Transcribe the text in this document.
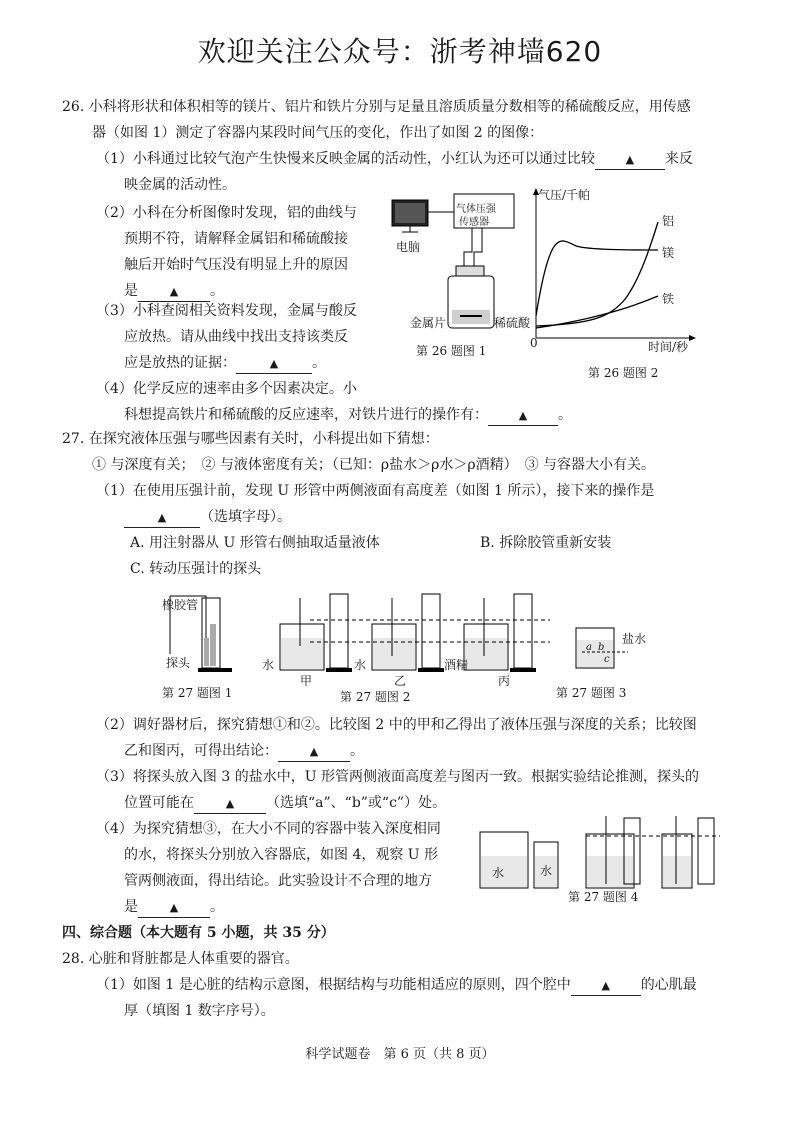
欢迎关注公众号：浙考神墙620
26. 小科将形状和体积相等的镁片、铝片和铁片分别与足量且溶质质量分数相等的稀硫酸反应，用传感
器（如图 1）测定了容器内某段时间气压的变化，作出了如图 2 的图像：
（1）小科通过比较气泡产生快慢来反映金属的活动性，小红认为还可以通过比较	▲ 来反
映金属的活动性。
（2）小科在分析图像时发现，铝的曲线与
预期不符，请解释金属铝和稀硫酸接
触后开始时气压没有明显上升的原因
是	▲ 。
（3）小科查阅相关资料发现，金属与酸反
应放热。请从曲线中找出支持该类反
应是放热的证据：	▲ 。
（4）化学反应的速率由多个因素决定。小
科想提高铁片和稀硫酸的反应速率，对铁片进行的操作有：	▲ 。
电脑
气体压强
传感器
金属片	稀硫酸
第 26 题图 1
气压/千帕
0	时间/秒
铝
镁
铁
第 26 题图 2
27. 在探究液体压强与哪些因素有关时，小科提出如下猜想：
① 与深度有关；　 ② 与液体密度有关；（已知：ρ盐水＞ρ水＞ρ酒精）　 ③ 与容器大小有关。
（1）在使用压强计前，发现 U 形管中两侧液面有高度差（如图 1 所示），接下来的操作是
▲ （选填字母）。
A. 用注射器从 U 形管右侧抽取适量液体	B. 拆除胶管重新安装
C. 转动压强计的探头
橡胶管
探头	水	水	酒精
盐水
a b
c
甲	乙	丙
第 27 题图 1	第 27 题图 2	第 27 题图 3
（2）调好器材后，探究猜想①和②。比较图 2 中的甲和乙得出了液体压强与深度的关系；比较图
乙和图丙，可得出结论：	▲ 。
（3）将探头放入图 3 的盐水中，U 形管两侧液面高度差与图丙一致。根据实验结论推测，探头的
位置可能在	▲ （选填“a”、“b”或“c”）处。
（4）为探究猜想③，在大小不同的容器中装入深度相同
的水，将探头分别放入容器底，如图 4，观察 U 形
管两侧液面，得出结论。此实验设计不合理的地方
是	▲ 。
水	水
第 27 题图 4
四、综合题（本大题有 5 小题，共 35 分）
28. 心脏和肾脏都是人体重要的器官。
（1）如图 1 是心脏的结构示意图，根据结构与功能相适应的原则，四个腔中	▲ 的心肌最
厚（填图 1 数字序号）。
科学试题卷　第 6 页（共 8 页）
